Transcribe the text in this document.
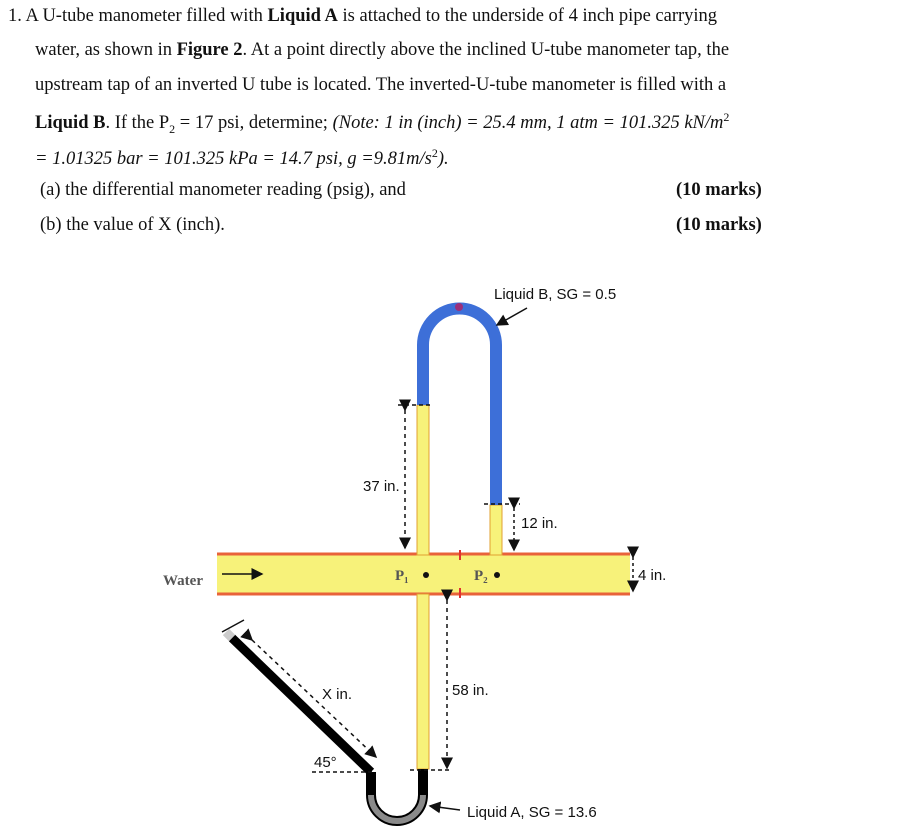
1. A U-tube manometer filled with Liquid A is attached to the underside of 4 inch pipe carrying
water, as shown in Figure 2. At a point directly above the inclined U-tube manometer tap, the
upstream tap of an inverted U tube is located. The inverted-U-tube manometer is filled with a
Liquid B. If the $P_2 = 17$ psi, determine; (Note: 1 in (inch) = 25.4 mm, 1 atm = 101.325 $kN/m^2$
= 1.01325 bar = 101.325 kPa = 14.7 psi, $g =9.81m/s^2$).
(a) the differential manometer reading (psig), and	(10 marks)
(b) the value of X (inch).	(10 marks)
Water	P₁	P₂
Liquid B, SG = 0.5
37 in.
12 in.
4 in.
58 in.
X in.
45°
Liquid A, SG = 13.6
